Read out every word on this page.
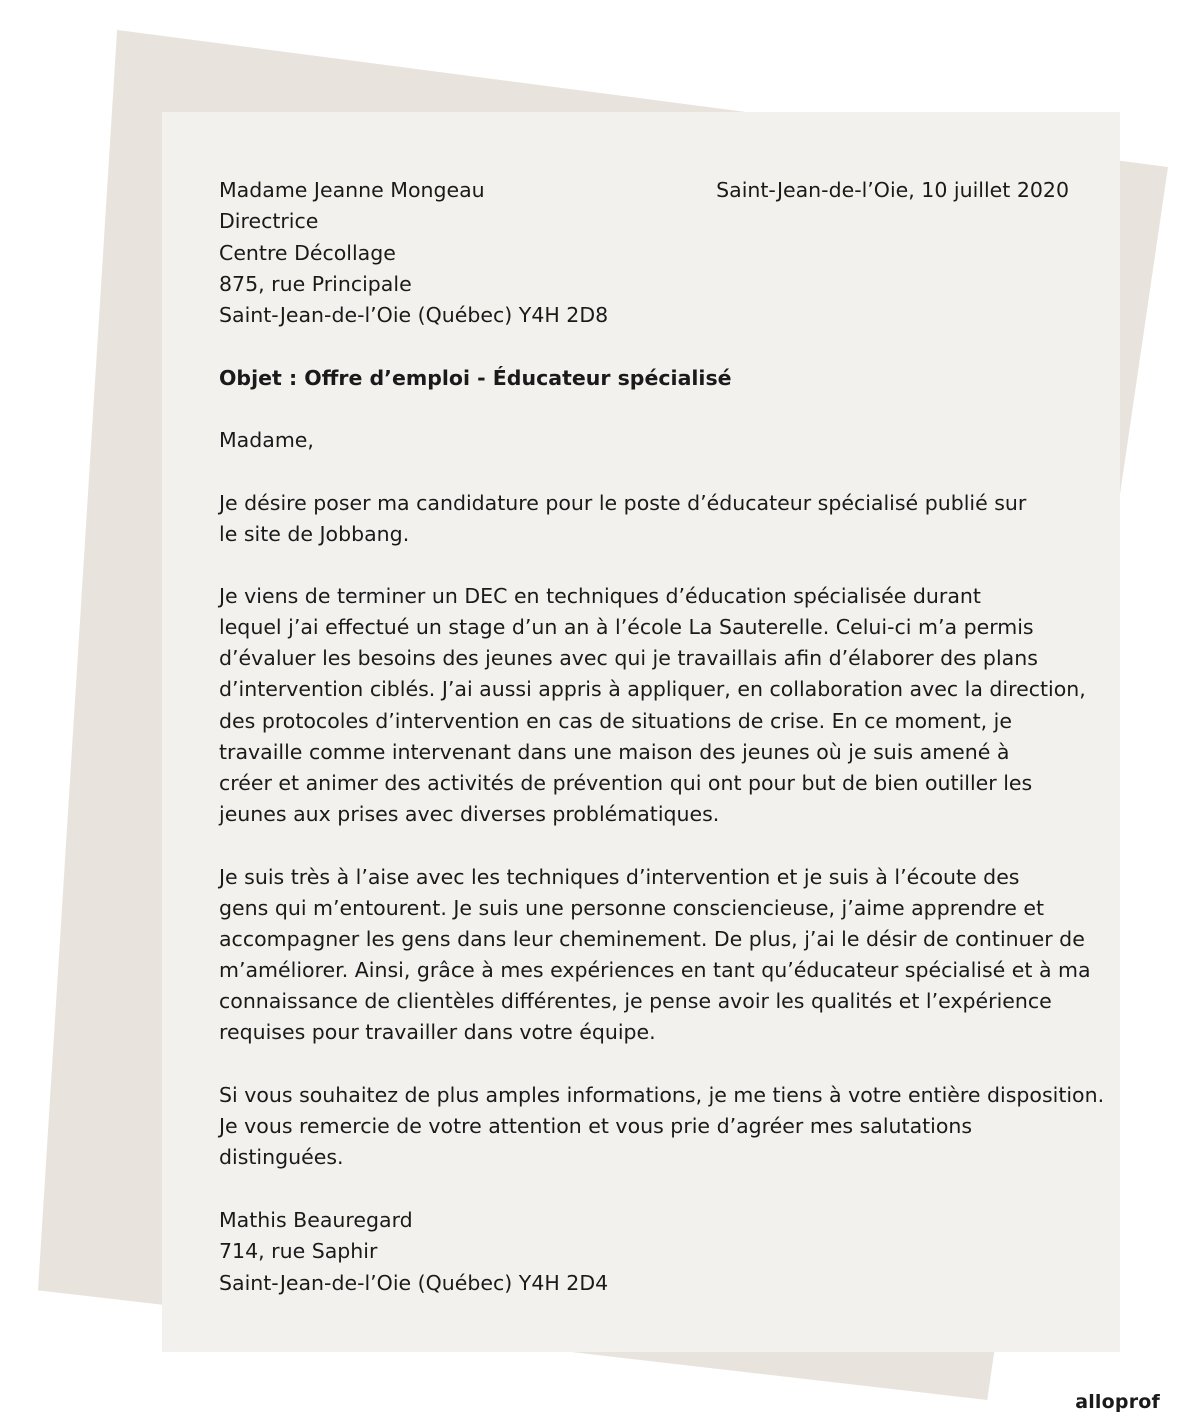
Saint-Jean-de-l’Oie, 10 juillet 2020
Madame Jeanne Mongeau
Directrice
Centre Décollage
875, rue Principale
Saint-Jean-de-l’Oie (Québec) Y4H 2D8
Objet : Offre d’emploi - Éducateur spécialisé
Madame,
Je désire poser ma candidature pour le poste d’éducateur spécialisé publié sur
le site de Jobbang.
Je viens de terminer un DEC en techniques d’éducation spécialisée durant
lequel j’ai effectué un stage d’un an à l’école La Sauterelle. Celui-ci m’a permis
d’évaluer les besoins des jeunes avec qui je travaillais afin d’élaborer des plans
d’intervention ciblés. J’ai aussi appris à appliquer, en collaboration avec la direction,
des protocoles d’intervention en cas de situations de crise. En ce moment, je
travaille comme intervenant dans une maison des jeunes où je suis amené à
créer et animer des activités de prévention qui ont pour but de bien outiller les
jeunes aux prises avec diverses problématiques.
Je suis très à l’aise avec les techniques d’intervention et je suis à l’écoute des
gens qui m’entourent. Je suis une personne consciencieuse, j’aime apprendre et
accompagner les gens dans leur cheminement. De plus, j’ai le désir de continuer de
m’améliorer. Ainsi, grâce à mes expériences en tant qu’éducateur spécialisé et à ma
connaissance de clientèles différentes, je pense avoir les qualités et l’expérience
requises pour travailler dans votre équipe.
Si vous souhaitez de plus amples informations, je me tiens à votre entière disposition.
Je vous remercie de votre attention et vous prie d’agréer mes salutations
distinguées.
Mathis Beauregard
714, rue Saphir
Saint-Jean-de-l’Oie (Québec) Y4H 2D4
alloprof
